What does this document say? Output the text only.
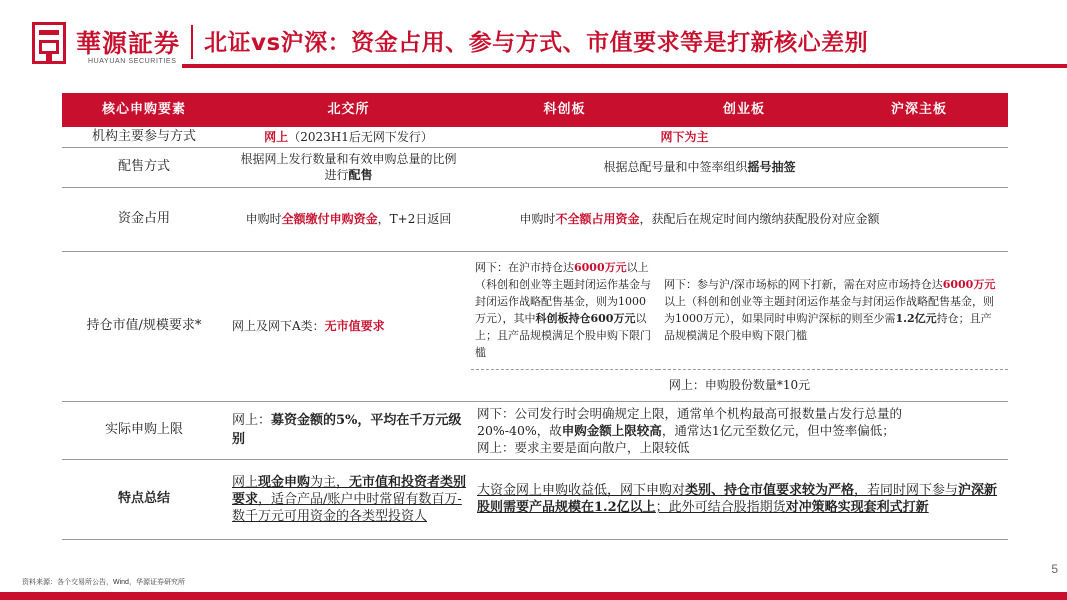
華源証券
HUAYUAN SECURITIES
北证vs沪深：资金占用、参与方式、市值要求等是打新核心差别
核心申购要素	北交所	科创板	创业板	沪深主板
机构主要参与方式	网上（2023H1后无网下发行）	网下为主		
配售方式	根据网上发行数量和有效申购总量的比例进行配售	根据总配号量和中签率组织摇号抽签		
资金占用	申购时全额缴付申购资金，T+2日返回	申购时不全额占用资金，获配后在规定时间内缴纳获配股份对应金额		
持仓市值/规模要求*	网上及网下A类：无市值要求	网下：在沪市持仓达6000万元以上（科创和创业等主题封闭运作基金与封闭运作战略配售基金，则为1000万元），其中科创板持仓600万元以上；且产品规模满足个股申购下限门槛	网下：参与沪/深市场标的网下打新，需在对应市场持仓达6000万元以上（科创和创业等主题封闭运作基金与封闭运作战略配售基金，则为1000万元），如果同时申购沪深标的则至少需1.2亿元持仓；且产品规模满足个股申购下限门槛	
		网上：申购股份数量*10元		
实际申购上限	网上：募资金额的5%，平均在千万元级别	网下：公司发行时会明确规定上限，通常单个机构最高可报数量占发行总量的
20%-40%，故申购金额上限较高，通常达1亿元至数亿元，但中签率偏低；
网上：要求主要是面向散户，上限较低		

特点总结	网上现金申购为主，无市值和投资者类别要求，适合产品/账户中时常留有数百万-数千万元可用资金的各类型投资人	大资金网上申购收益低，网下申购对类别、持仓市值要求较为严格，若同时网下参与沪深新股则需要产品规模在1.2亿以上；此外可结合股指期货对冲策略实现套利式打新		
资料来源：各个交易所公告，Wind，华源证券研究所
5
